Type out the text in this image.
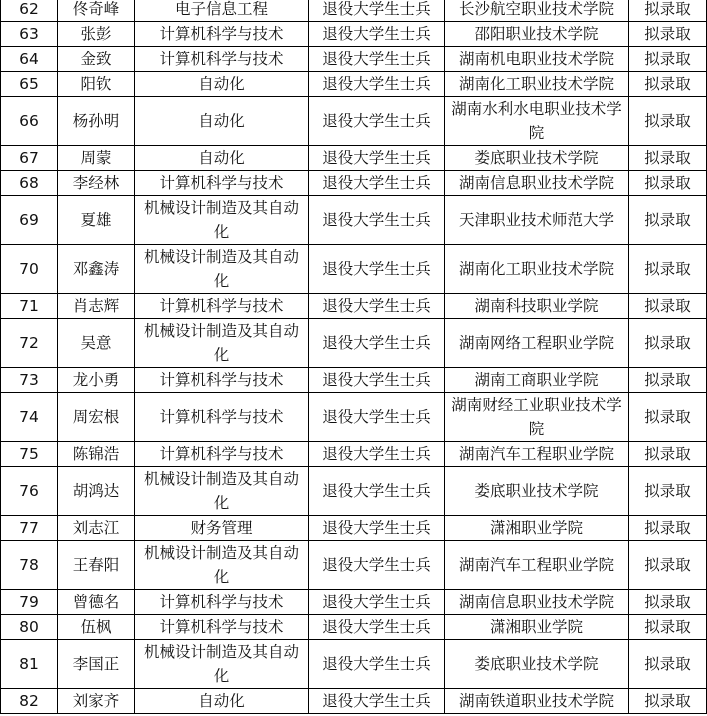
62	佟奇峰	电子信息工程	退役大学生士兵	长沙航空职业技术学院	拟录取
63	张彭	计算机科学与技术	退役大学生士兵	邵阳职业技术学院	拟录取
64	金致	计算机科学与技术	退役大学生士兵	湖南机电职业技术学院	拟录取
65	阳钦	自动化	退役大学生士兵	湖南化工职业技术学院	拟录取
66	杨孙明	自动化	退役大学生士兵	湖南水利水电职业技术学院	拟录取
67	周蒙	自动化	退役大学生士兵	娄底职业技术学院	拟录取
68	李经林	计算机科学与技术	退役大学生士兵	湖南信息职业技术学院	拟录取
69	夏雄	机械设计制造及其自动化	退役大学生士兵	天津职业技术师范大学	拟录取
70	邓鑫涛	机械设计制造及其自动化	退役大学生士兵	湖南化工职业技术学院	拟录取
71	肖志辉	计算机科学与技术	退役大学生士兵	湖南科技职业学院	拟录取
72	吴意	机械设计制造及其自动化	退役大学生士兵	湖南网络工程职业学院	拟录取
73	龙小勇	计算机科学与技术	退役大学生士兵	湖南工商职业学院	拟录取
74	周宏根	计算机科学与技术	退役大学生士兵	湖南财经工业职业技术学院	拟录取
75	陈锦浩	计算机科学与技术	退役大学生士兵	湖南汽车工程职业学院	拟录取
76	胡鸿达	机械设计制造及其自动化	退役大学生士兵	娄底职业技术学院	拟录取
77	刘志江	财务管理	退役大学生士兵	潇湘职业学院	拟录取
78	王春阳	机械设计制造及其自动化	退役大学生士兵	湖南汽车工程职业学院	拟录取
79	曾德名	计算机科学与技术	退役大学生士兵	湖南信息职业技术学院	拟录取
80	伍枫	计算机科学与技术	退役大学生士兵	潇湘职业学院	拟录取
81	李国正	机械设计制造及其自动化	退役大学生士兵	娄底职业技术学院	拟录取
82	刘家齐	自动化	退役大学生士兵	湖南铁道职业技术学院	拟录取
